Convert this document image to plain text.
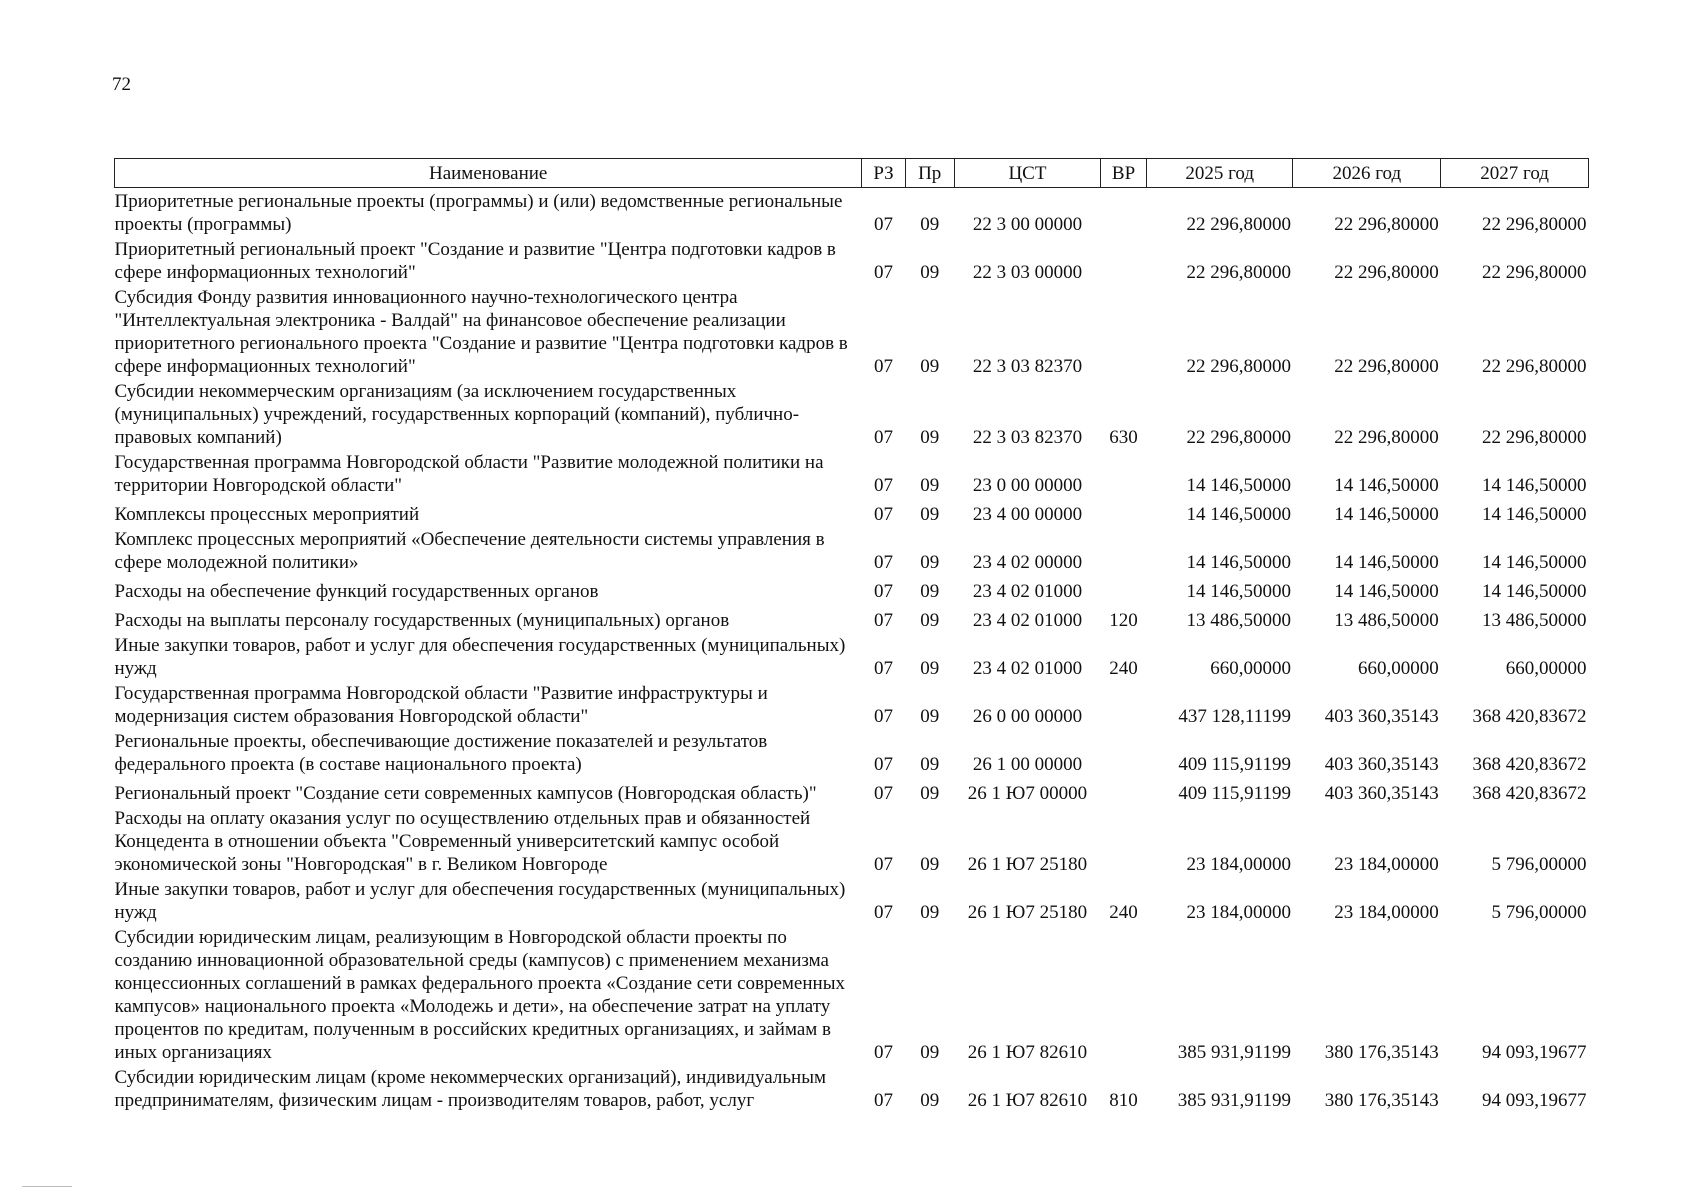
72
Наименование	РЗ	Пр	ЦСТ	ВР	2025 год	2026 год	2027 год
Приоритетные региональные проекты (программы) и (или) ведомственные региональные проекты (программы)	07	09	22 3 00 00000		22 296,80000	22 296,80000	22 296,80000
Приоритетный региональный проект "Создание и развитие "Центра подготовки кадров в сфере информационных технологий"	07	09	22 3 03 00000		22 296,80000	22 296,80000	22 296,80000
Субсидия Фонду развития инновационного научно-технологического центра "Интеллектуальная электроника - Валдай" на финансовое обеспечение реализации приоритетного регионального проекта "Создание и развитие "Центра подготовки кадров в сфере информационных технологий"	07	09	22 3 03 82370		22 296,80000	22 296,80000	22 296,80000
Субсидии некоммерческим организациям (за исключением государственных (муниципальных) учреждений, государственных корпораций (компаний), публично-правовых компаний)	07	09	22 3 03 82370	630	22 296,80000	22 296,80000	22 296,80000
Государственная программа Новгородской области "Развитие молодежной политики на территории Новгородской области"	07	09	23 0 00 00000		14 146,50000	14 146,50000	14 146,50000
Комплексы процессных мероприятий	07	09	23 4 00 00000		14 146,50000	14 146,50000	14 146,50000
Комплекс процессных мероприятий «Обеспечение деятельности системы управления в сфере молодежной политики»	07	09	23 4 02 00000		14 146,50000	14 146,50000	14 146,50000
Расходы на обеспечение функций государственных органов	07	09	23 4 02 01000		14 146,50000	14 146,50000	14 146,50000
Расходы на выплаты персоналу государственных (муниципальных) органов	07	09	23 4 02 01000	120	13 486,50000	13 486,50000	13 486,50000
Иные закупки товаров, работ и услуг для обеспечения государственных (муниципальных) нужд	07	09	23 4 02 01000	240	660,00000	660,00000	660,00000
Государственная программа Новгородской области "Развитие инфраструктуры и модернизация систем образования Новгородской области"	07	09	26 0 00 00000		437 128,11199	403 360,35143	368 420,83672
Региональные проекты, обеспечивающие достижение показателей и результатов федерального проекта (в составе национального проекта)	07	09	26 1 00 00000		409 115,91199	403 360,35143	368 420,83672
Региональный проект "Создание сети современных кампусов (Новгородская область)"	07	09	26 1 Ю7 00000		409 115,91199	403 360,35143	368 420,83672
Расходы на оплату оказания услуг по осуществлению отдельных прав и обязанностей Концедента в отношении объекта "Современный университетский кампус особой экономической зоны "Новгородская" в г. Великом Новгороде	07	09	26 1 Ю7 25180		23 184,00000	23 184,00000	5 796,00000
Иные закупки товаров, работ и услуг для обеспечения государственных (муниципальных) нужд	07	09	26 1 Ю7 25180	240	23 184,00000	23 184,00000	5 796,00000
Субсидии юридическим лицам, реализующим в Новгородской области проекты по созданию инновационной образовательной среды (кампусов) с применением механизма концессионных соглашений в рамках федерального проекта «Создание сети современных кампусов» национального проекта «Молодежь и дети», на обеспечение затрат на уплату процентов по кредитам, полученным в российских кредитных организациях, и займам в иных организациях	07	09	26 1 Ю7 82610		385 931,91199	380 176,35143	94 093,19677
Субсидии юридическим лицам (кроме некоммерческих организаций), индивидуальным предпринимателям, физическим лицам - производителям товаров, работ, услуг	07	09	26 1 Ю7 82610	810	385 931,91199	380 176,35143	94 093,19677
